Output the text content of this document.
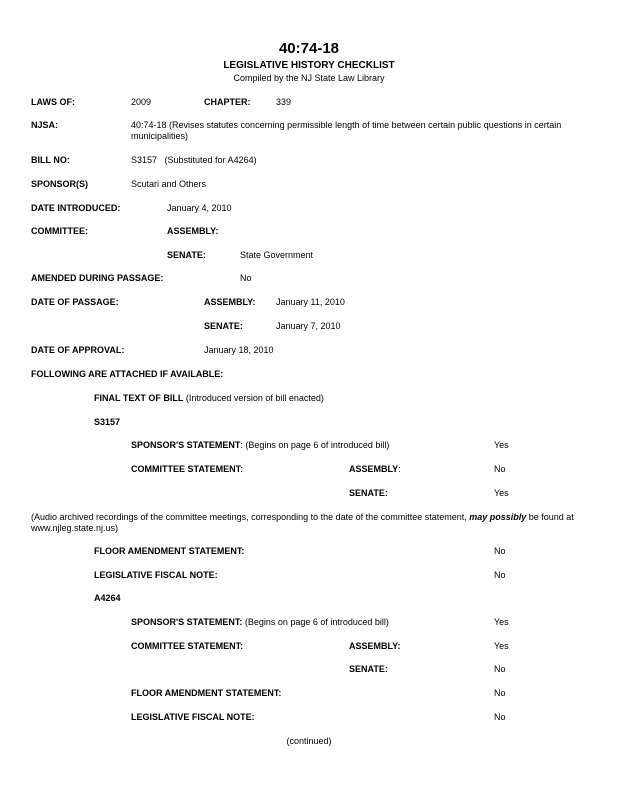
40:74-18
LEGISLATIVE HISTORY CHECKLIST
Compiled by the NJ State Law Library
LAWS OF:	2009	CHAPTER:	339
NJSA:	40:74-18 (Revises statutes concerning permissible length of time between certain public questions in certain municipalities)
BILL NO:	S3157   (Substituted for A4264)
SPONSOR(S)	Scutari and Others
DATE INTRODUCED:	January 4, 2010
COMMITTEE:	ASSEMBLY:
SENATE:	State Government
AMENDED DURING PASSAGE:	No
DATE OF PASSAGE:	ASSEMBLY: January 11, 2010
SENATE:	January 7, 2010
DATE OF APPROVAL:	January 18, 2010
FOLLOWING ARE ATTACHED IF AVAILABLE:
FINAL TEXT OF BILL (Introduced version of bill enacted)
S3157
SPONSOR'S STATEMENT: (Begins on page 6 of introduced bill)	Yes
COMMITTEE STATEMENT:	ASSEMBLY:	No
SENATE:	Yes
(Audio archived recordings of the committee meetings, corresponding to the date of the committee statement, may possibly be found at www.njleg.state.nj.us)
FLOOR AMENDMENT STATEMENT:	No
LEGISLATIVE FISCAL NOTE:	No
A4264
SPONSOR'S STATEMENT: (Begins on page 6 of introduced bill)	Yes
COMMITTEE STATEMENT:	ASSEMBLY:	Yes
SENATE:	No
FLOOR AMENDMENT STATEMENT:	No
LEGISLATIVE FISCAL NOTE:	No
(continued)
